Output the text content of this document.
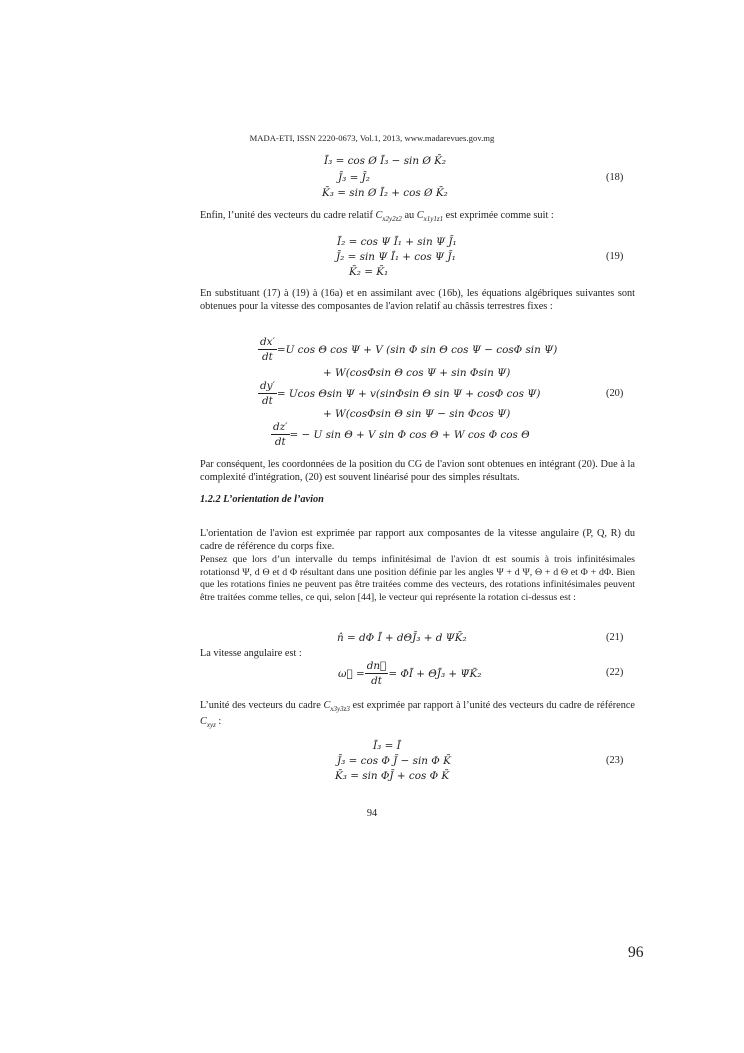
MADA-ETI, ISSN 2220-0673, Vol.1, 2013, www.madarevues.gov.mg
Ī₃ = cos Ø Ī₃ − sin Ø K̄₂
J̄₃ = J̄₂
K̄₃ = sin Ø Ī₂ + cos Ø K̄₂
(18)
Enfin, l’unité des vecteurs du cadre relatif $C_{x2y2z2}$ au $C_{x1y1z1}$ est exprimée comme suit :
Ī₂ = cos Ψ Ī₁ + sin Ψ J̄₁
J̄₂ = sin Ψ Ī₁ + cos Ψ J̄₁
K̄₂ = K̄₁
(19)
En substituant (17) à (19) à (16a) et en assimilant avec (16b), les équations algébriques suivantes sont obtenues pour la vitesse des composantes de l'avion relatif au châssis terrestres fixes :
$\frac{dx'}{dt} =U$ cos Θ cos Ψ + V (sin Φ sin Θ cos Ψ − cosΦ sin Ψ)
+ W(cosΦsin Θ cos Ψ + sin Φsin Ψ)
$\frac{dy'}{dt} = Ucos$ Θsin Ψ + v(sinΦsin Θ sin Ψ + cosΦ cos Ψ)
+ W(cosΦsin Θ sin Ψ − sin Φcos Ψ)
$\frac{dz'}{dt}$ = − U sin Θ + V sin Φ cos Θ + W cos Φ cos Θ
(20)
Par conséquent, les coordonnées de la position du CG de l'avion sont obtenues en intégrant (20). Due à la complexité d'intégration, (20) est souvent linéarisé pour des simples résultats.
1.2.2 L’orientation de l’avion
L'orientation de l'avion est exprimée par rapport aux composantes de la vitesse angulaire (P, Q, R) du cadre de référence du corps fixe.
Pensez que lors d’un intervalle du temps infinitésimal de l'avion dt est soumis à trois infinitésimales rotationsd Ψ, d Θ et d Φ résultant dans une position définie par les angles Ψ + d Ψ, Θ + d Θ et Φ + dΦ. Bien que les rotations finies ne peuvent pas être traitées comme des vecteurs, des rotations infinitésimales peuvent être traitées comme telles, ce qui, selon [44], le vecteur qui représente la rotation ci-dessus est :
n̂ = dΦ Ī + dΘJ̄₃ + d ΨK̄₂	(21)
La vitesse angulaire est :
ω⃗ = $\frac{dn⃗}{dt}$ = Φ̇Ī + Θ̇J̄₃ + Ψ̇K̄₂	(22)
L’unité des vecteurs du cadre $C_{x3y3z3}$ est exprimée par rapport à l’unité des vecteurs du cadre de référence $C_{xyz}$ :
Ī₃ = Ī
J̄₃ = cos Φ J̄ − sin Φ K̄
K̄₃ = sin ΦJ̄ + cos Φ K̄
(23)
94
96
